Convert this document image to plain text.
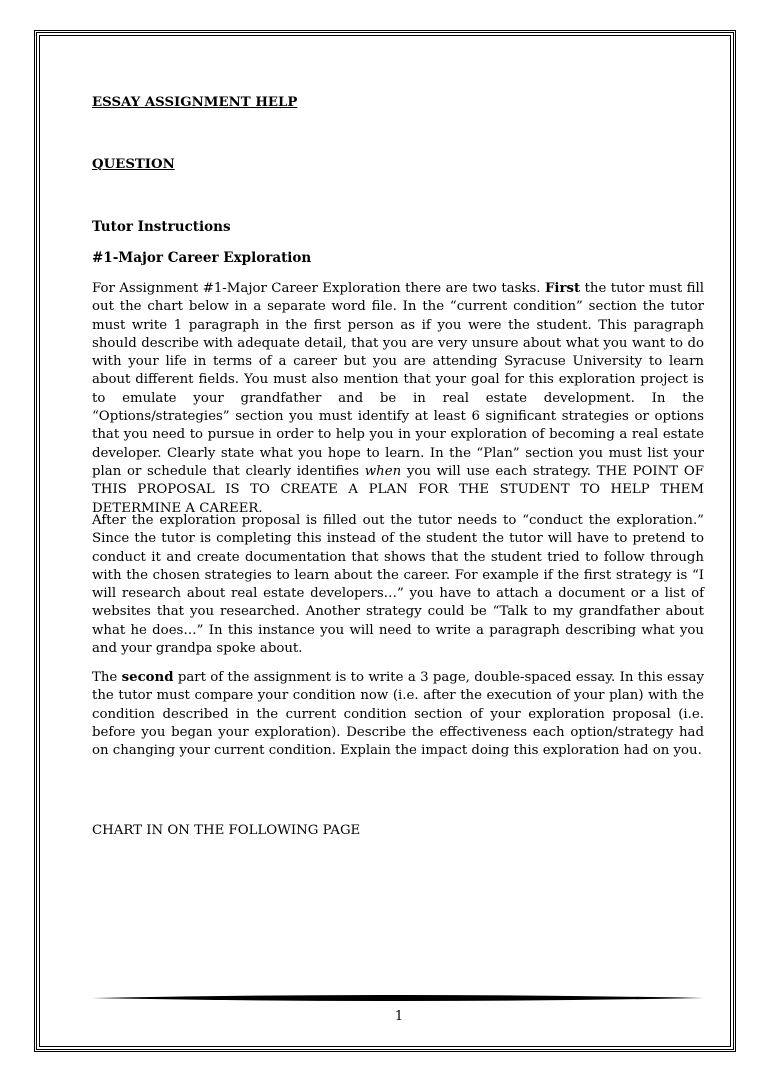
ESSAY ASSIGNMENT HELP
QUESTION
Tutor Instructions
#1-Major Career Exploration

For Assignment #1-Major Career Exploration there are two tasks. First the tutor must fill out the chart below in a separate word file. In the “current condition” section the tutor must write 1 paragraph in the first person as if you were the student. This paragraph should describe with adequate detail, that you are very unsure about what you want to do with your life in terms of a career but you are attending Syracuse University to learn about different fields. You must also mention that your goal for this exploration project is to emulate your grandfather and be in real estate development. In the “Options/strategies” section you must identify at least 6 significant strategies or options that you need to pursue in order to help you in your exploration of becoming a real estate developer. Clearly state what you hope to learn. In the “Plan” section you must list your plan or schedule that clearly identifies when you will use each strategy. THE POINT OF THIS PROPOSAL IS TO CREATE A PLAN FOR THE STUDENT TO HELP THEM DETERMINE A CAREER.

After the exploration proposal is filled out the tutor needs to “conduct the exploration.” Since the tutor is completing this instead of the student the tutor will have to pretend to conduct it and create documentation that shows that the student tried to follow through with the chosen strategies to learn about the career. For example if the first strategy is “I will research about real estate developers…” you have to attach a document or a list of websites that you researched. Another strategy could be “Talk to my grandfather about what he does…” In this instance you will need to write a paragraph describing what you and your grandpa spoke about.

The second part of the assignment is to write a 3 page, double-spaced essay. In this essay the tutor must compare your condition now (i.e. after the execution of your plan) with the condition described in the current condition section of your exploration proposal (i.e. before you began your exploration). Describe the effectiveness each option/strategy had on changing your current condition. Explain the impact doing this exploration had on you.

CHART IN ON THE FOLLOWING PAGE
1
